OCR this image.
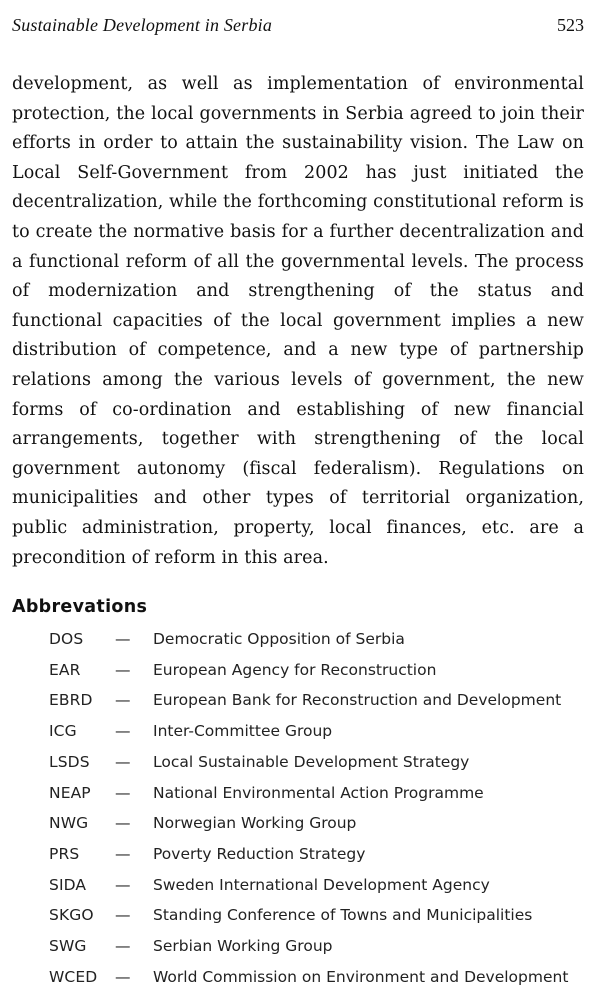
Sustainable Development in Serbia	523

development, as well as implementation of environmental protection, the local governments in Serbia agreed to join their efforts in order to attain the sustainability vision. The Law on Local Self-Government from 2002 has just initiated the decentralization, while the forthcoming constitutional reform is to create the normative basis for a further decentralization and a functional reform of all the governmental levels. The process of modernization and strengthening of the status and functional capacities of the local government implies a new distribution of competence, and a new type of partnership relations among the various levels of government, the new forms of co-ordination and establishing of new financial arrangements, together with strengthening of the local government autonomy (fiscal federalism). Regulations on municipalities and other types of territorial organization, public administration, property, local finances, etc. are a precondition of reform in this area.

Abbrevations
DOS	—	Democratic Opposition of Serbia
EAR	—	European Agency for Reconstruction
EBRD	—	European Bank for Reconstruction and Development
ICG	—	Inter-Committee Group
LSDS	—	Local Sustainable Development Strategy
NEAP	—	National Environmental Action Programme
NWG	—	Norwegian Working Group
PRS	—	Poverty Reduction Strategy
SIDA	—	Sweden International Development Agency
SKGO	—	Standing Conference of Towns and Municipalities
SWG	—	Serbian Working Group
WCED	—	World Commission on Environment and Development
